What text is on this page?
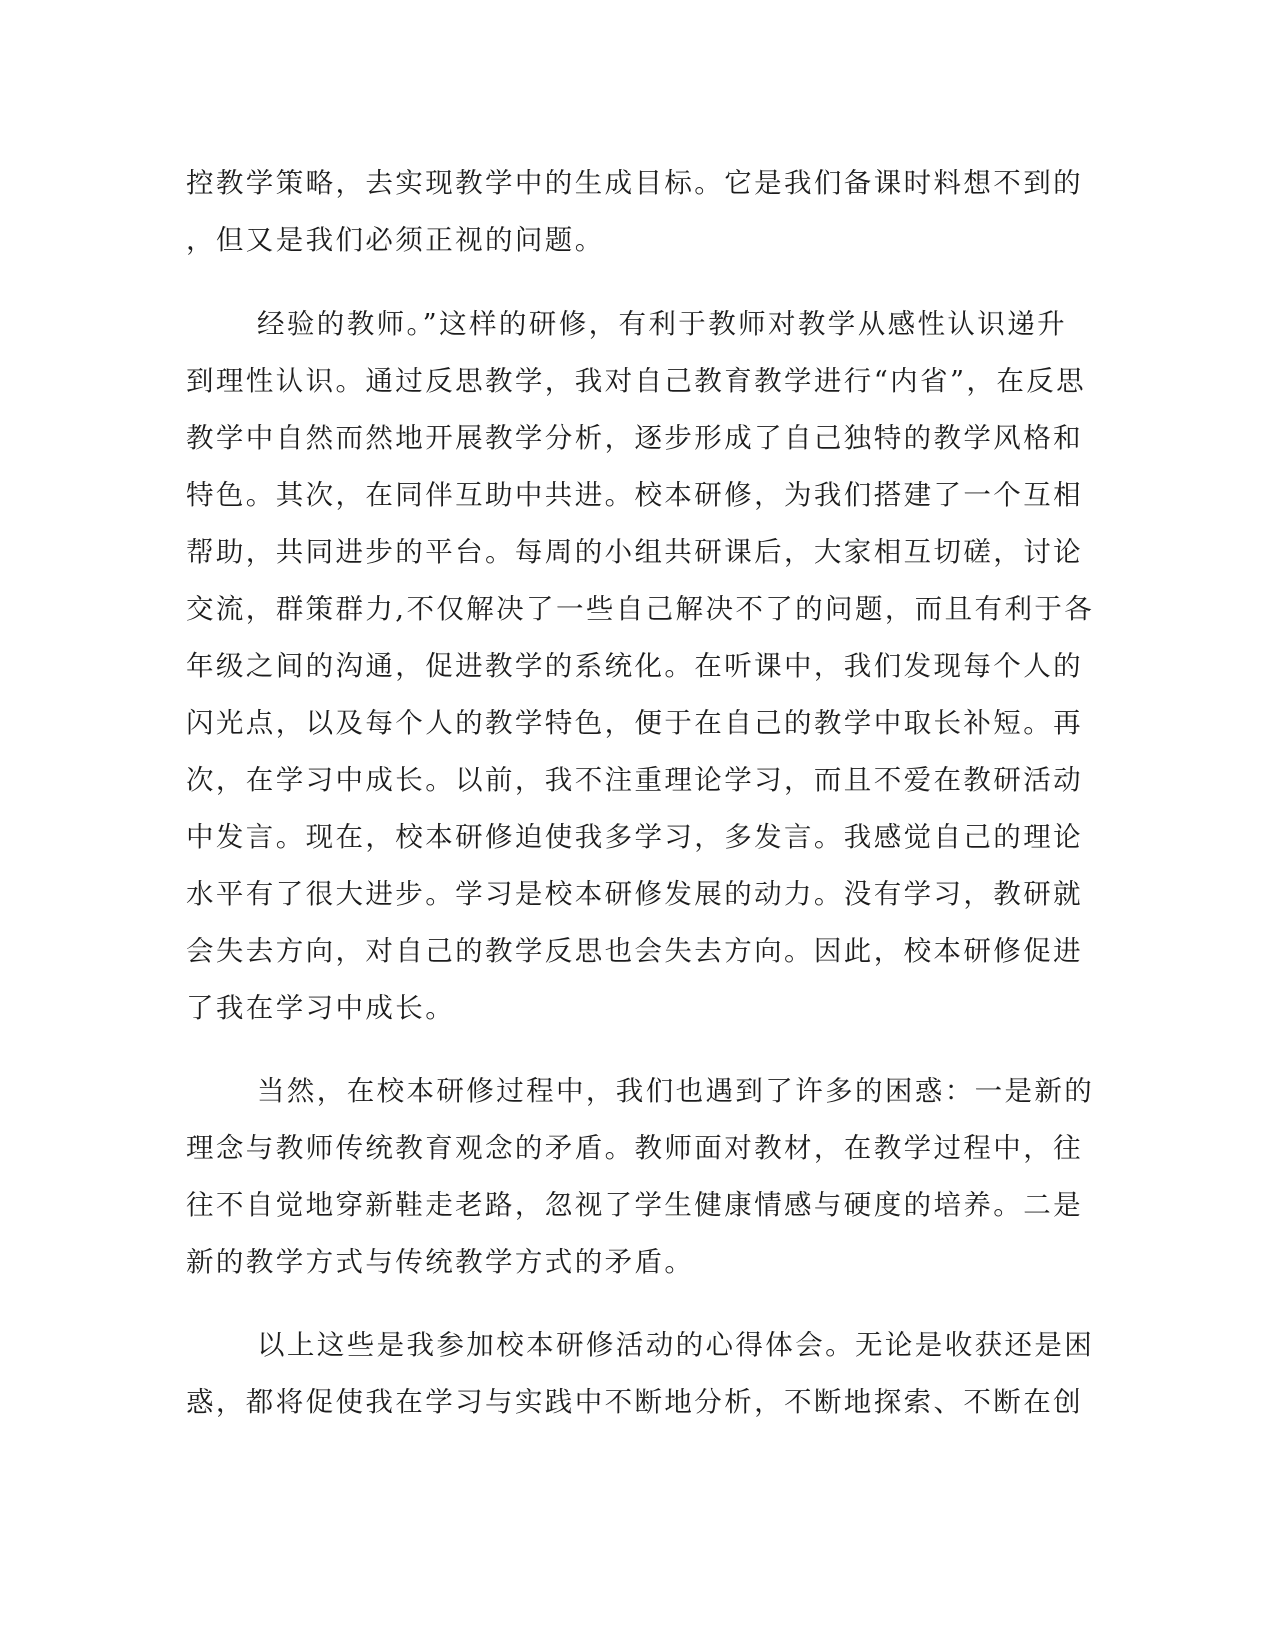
控教学策略，去实现教学中的生成目标。它是我们备课时料想不到的
，但又是我们必须正视的问题。
经验的教师。”这样的研修，有利于教师对教学从感性认识递升
到理性认识。通过反思教学，我对自己教育教学进行“内省”，在反思
教学中自然而然地开展教学分析，逐步形成了自己独特的教学风格和
特色。其次，在同伴互助中共进。校本研修，为我们搭建了一个互相
帮助，共同进步的平台。每周的小组共研课后，大家相互切磋，讨论
交流，群策群力,不仅解决了一些自己解决不了的问题，而且有利于各
年级之间的沟通，促进教学的系统化。在听课中，我们发现每个人的
闪光点，以及每个人的教学特色，便于在自己的教学中取长补短。再
次，在学习中成长。以前，我不注重理论学习，而且不爱在教研活动
中发言。现在，校本研修迫使我多学习，多发言。我感觉自己的理论
水平有了很大进步。学习是校本研修发展的动力。没有学习，教研就
会失去方向，对自己的教学反思也会失去方向。因此，校本研修促进
了我在学习中成长。
当然，在校本研修过程中，我们也遇到了许多的困惑：一是新的
理念与教师传统教育观念的矛盾。教师面对教材，在教学过程中，往
往不自觉地穿新鞋走老路，忽视了学生健康情感与硬度的培养。二是
新的教学方式与传统教学方式的矛盾。
以上这些是我参加校本研修活动的心得体会。无论是收获还是困
惑，都将促使我在学习与实践中不断地分析，不断地探索、不断在创
